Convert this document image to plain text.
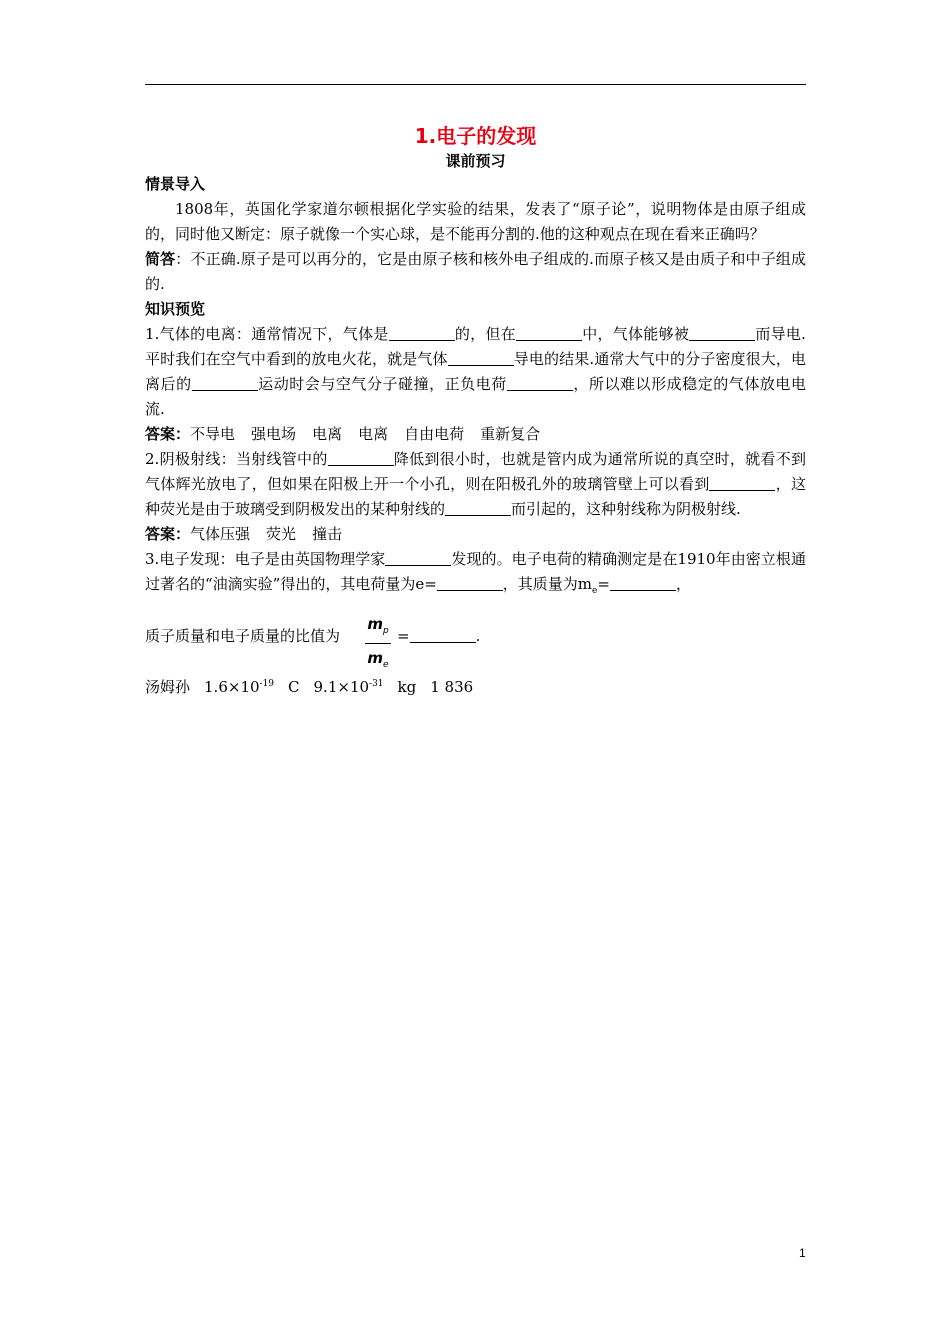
1.电子的发现
课前预习
情景导入

1808年，英国化学家道尔顿根据化学实验的结果，发表了“原子论”，说明物体是由原子组成的，同时他又断定：原子就像一个实心球，是不能再分割的.他的这种观点在现在看来正确吗？

简答：不正确.原子是可以再分的，它是由原子核和核外电子组成的.而原子核又是由质子和中子组成的.

知识预览

1.气体的电离：通常情况下，气体是	的，但在	中，气体能够被	而导电.平时我们在空气中看到的放电火花，就是气体	导电的结果.通常大气中的分子密度很大，电离后的	运动时会与空气分子碰撞，正负电荷	，所以难以形成稳定的气体放电电流.

答案：不导电 强电场 电离 电离 自由电荷 重新复合

2.阴极射线：当射线管中的	降低到很小时，也就是管内成为通常所说的真空时，就看不到气体辉光放电了，但如果在阳极上开一个小孔，则在阳极孔外的玻璃管壁上可以看到	，这种荧光是由于玻璃受到阴极发出的某种射线的	而引起的，这种射线称为阴极射线.

答案：气体压强 荧光 撞击

3.电子发现：电子是由英国物理学家	发现的。电子电荷的精确测定是在1910年由密立根通过著名的“油滴实验”得出的，其电荷量为e=	，其质量为$m_e=$	，

质子质量和电子质量的比值为 $\frac{m_p}{m_e}$ =	.

汤姆孙 $1.6\times 10^{-19}$ C $9.1\times 10^{-31}$ kg 1 836

1
